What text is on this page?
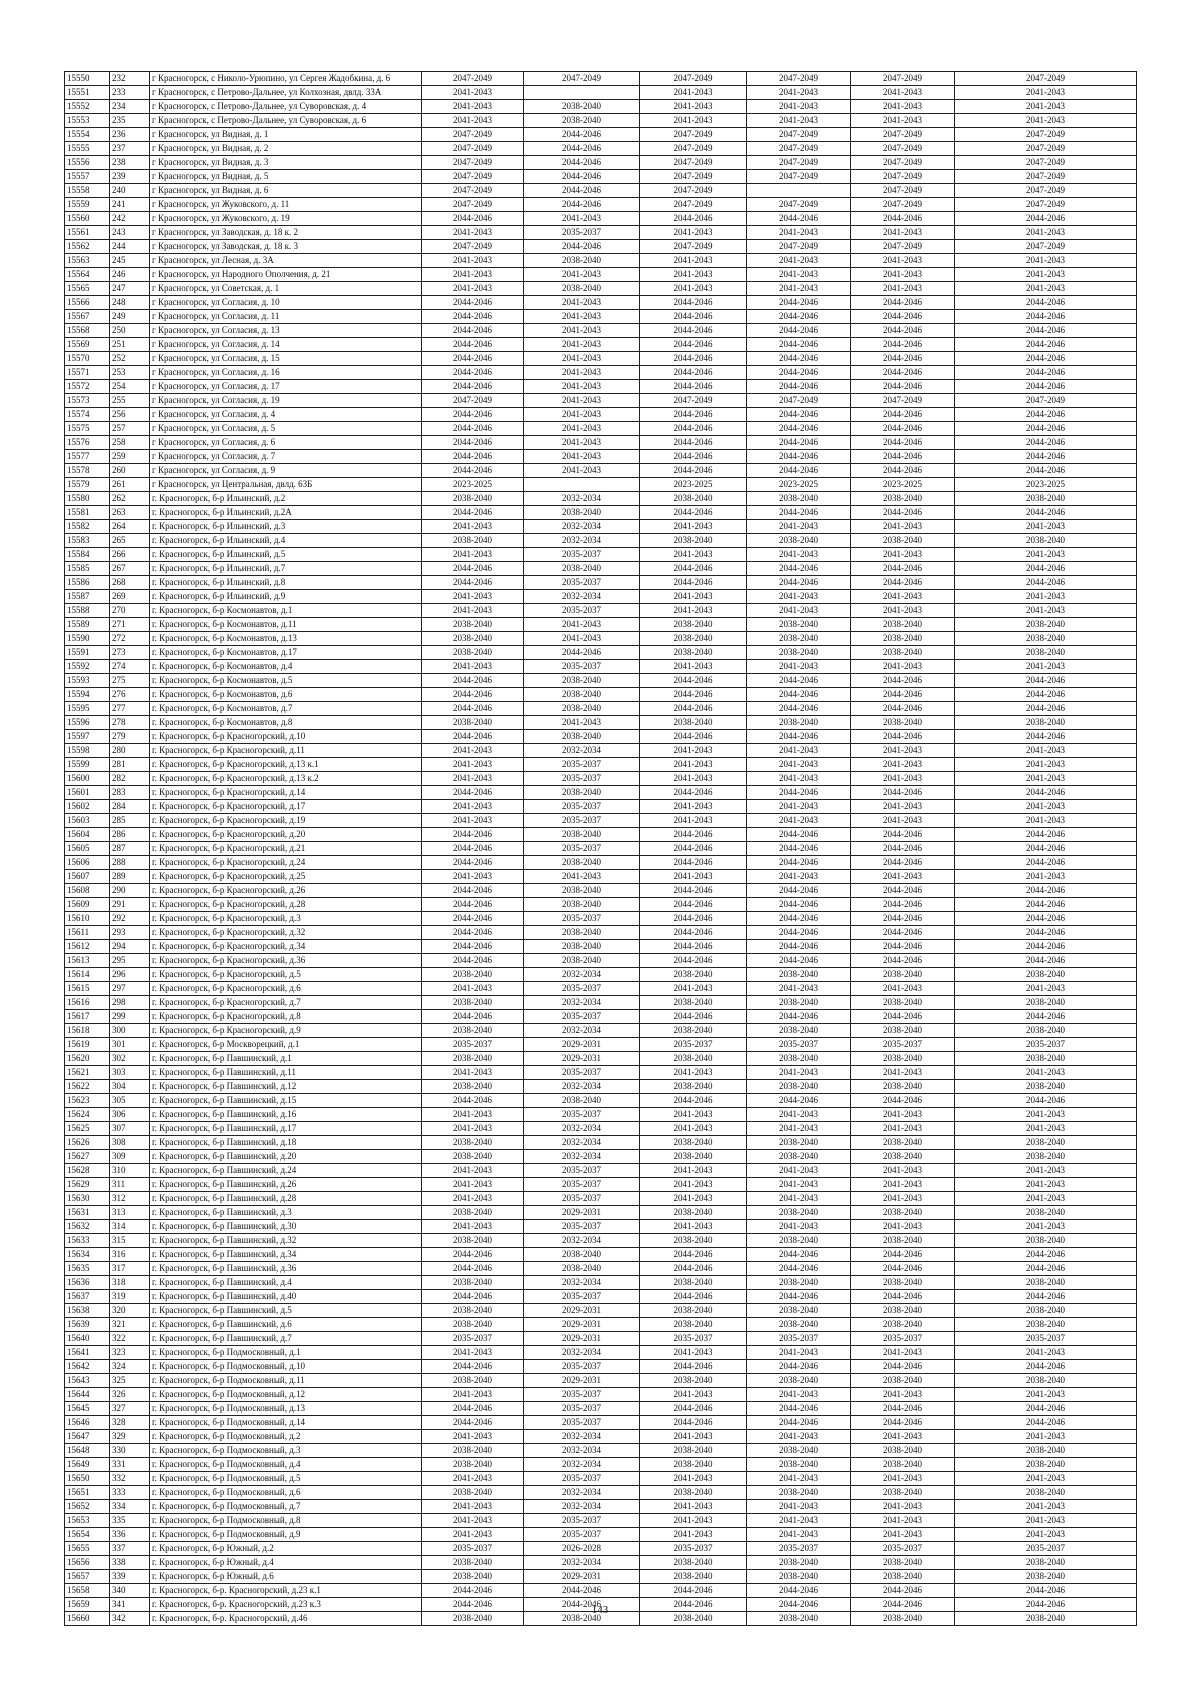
15550	232	г Красногорск, с Николо-Урюпино, ул Сергея Жадобкина, д. 6	2047-2049	2047-2049	2047-2049	2047-2049	2047-2049	2047-2049
15551	233	г Красногорск, с Петрово-Дальнее, ул Колхозная, двлд. 33А	2041-2043		2041-2043	2041-2043	2041-2043	2041-2043
15552	234	г Красногорск, с Петрово-Дальнее, ул Суворовская, д. 4	2041-2043	2038-2040	2041-2043	2041-2043	2041-2043	2041-2043
15553	235	г Красногорск, с Петрово-Дальнее, ул Суворовская, д. 6	2041-2043	2038-2040	2041-2043	2041-2043	2041-2043	2041-2043
15554	236	г Красногорск, ул Видная, д. 1	2047-2049	2044-2046	2047-2049	2047-2049	2047-2049	2047-2049
15555	237	г Красногорск, ул Видная, д. 2	2047-2049	2044-2046	2047-2049	2047-2049	2047-2049	2047-2049
15556	238	г Красногорск, ул Видная, д. 3	2047-2049	2044-2046	2047-2049	2047-2049	2047-2049	2047-2049
15557	239	г Красногорск, ул Видная, д. 5	2047-2049	2044-2046	2047-2049	2047-2049	2047-2049	2047-2049
15558	240	г Красногорск, ул Видная, д. 6	2047-2049	2044-2046	2047-2049		2047-2049	2047-2049
15559	241	г Красногорск, ул Жуковского, д. 11	2047-2049	2044-2046	2047-2049	2047-2049	2047-2049	2047-2049
15560	242	г Красногорск, ул Жуковского, д. 19	2044-2046	2041-2043	2044-2046	2044-2046	2044-2046	2044-2046
15561	243	г Красногорск, ул Заводская, д. 18 к. 2	2041-2043	2035-2037	2041-2043	2041-2043	2041-2043	2041-2043
15562	244	г Красногорск, ул Заводская, д. 18 к. 3	2047-2049	2044-2046	2047-2049	2047-2049	2047-2049	2047-2049
15563	245	г Красногорск, ул Лесная, д. 3А	2041-2043	2038-2040	2041-2043	2041-2043	2041-2043	2041-2043
15564	246	г Красногорск, ул Народного Ополчения, д. 21	2041-2043	2041-2043	2041-2043	2041-2043	2041-2043	2041-2043
15565	247	г Красногорск, ул Советская, д. 1	2041-2043	2038-2040	2041-2043	2041-2043	2041-2043	2041-2043
15566	248	г Красногорск, ул Согласия, д. 10	2044-2046	2041-2043	2044-2046	2044-2046	2044-2046	2044-2046
15567	249	г Красногорск, ул Согласия, д. 11	2044-2046	2041-2043	2044-2046	2044-2046	2044-2046	2044-2046
15568	250	г Красногорск, ул Согласия, д. 13	2044-2046	2041-2043	2044-2046	2044-2046	2044-2046	2044-2046
15569	251	г Красногорск, ул Согласия, д. 14	2044-2046	2041-2043	2044-2046	2044-2046	2044-2046	2044-2046
15570	252	г Красногорск, ул Согласия, д. 15	2044-2046	2041-2043	2044-2046	2044-2046	2044-2046	2044-2046
15571	253	г Красногорск, ул Согласия, д. 16	2044-2046	2041-2043	2044-2046	2044-2046	2044-2046	2044-2046
15572	254	г Красногорск, ул Согласия, д. 17	2044-2046	2041-2043	2044-2046	2044-2046	2044-2046	2044-2046
15573	255	г Красногорск, ул Согласия, д. 19	2047-2049	2041-2043	2047-2049	2047-2049	2047-2049	2047-2049
15574	256	г Красногорск, ул Согласия, д. 4	2044-2046	2041-2043	2044-2046	2044-2046	2044-2046	2044-2046
15575	257	г Красногорск, ул Согласия, д. 5	2044-2046	2041-2043	2044-2046	2044-2046	2044-2046	2044-2046
15576	258	г Красногорск, ул Согласия, д. 6	2044-2046	2041-2043	2044-2046	2044-2046	2044-2046	2044-2046
15577	259	г Красногорск, ул Согласия, д. 7	2044-2046	2041-2043	2044-2046	2044-2046	2044-2046	2044-2046
15578	260	г Красногорск, ул Согласия, д. 9	2044-2046	2041-2043	2044-2046	2044-2046	2044-2046	2044-2046
15579	261	г Красногорск, ул Центральная, двлд. 63Б	2023-2025		2023-2025	2023-2025	2023-2025	2023-2025
15580	262	г. Красногорск, б-р Ильинский, д.2	2038-2040	2032-2034	2038-2040	2038-2040	2038-2040	2038-2040
15581	263	г. Красногорск, б-р Ильинский, д.2А	2044-2046	2038-2040	2044-2046	2044-2046	2044-2046	2044-2046
15582	264	г. Красногорск, б-р Ильинский, д.3	2041-2043	2032-2034	2041-2043	2041-2043	2041-2043	2041-2043
15583	265	г. Красногорск, б-р Ильинский, д.4	2038-2040	2032-2034	2038-2040	2038-2040	2038-2040	2038-2040
15584	266	г. Красногорск, б-р Ильинский, д.5	2041-2043	2035-2037	2041-2043	2041-2043	2041-2043	2041-2043
15585	267	г. Красногорск, б-р Ильинский, д.7	2044-2046	2038-2040	2044-2046	2044-2046	2044-2046	2044-2046
15586	268	г. Красногорск, б-р Ильинский, д.8	2044-2046	2035-2037	2044-2046	2044-2046	2044-2046	2044-2046
15587	269	г. Красногорск, б-р Ильинский, д.9	2041-2043	2032-2034	2041-2043	2041-2043	2041-2043	2041-2043
15588	270	г. Красногорск, б-р Космонавтов, д.1	2041-2043	2035-2037	2041-2043	2041-2043	2041-2043	2041-2043
15589	271	г. Красногорск, б-р Космонавтов, д.11	2038-2040	2041-2043	2038-2040	2038-2040	2038-2040	2038-2040
15590	272	г. Красногорск, б-р Космонавтов, д.13	2038-2040	2041-2043	2038-2040	2038-2040	2038-2040	2038-2040
15591	273	г. Красногорск, б-р Космонавтов, д.17	2038-2040	2044-2046	2038-2040	2038-2040	2038-2040	2038-2040
15592	274	г. Красногорск, б-р Космонавтов, д.4	2041-2043	2035-2037	2041-2043	2041-2043	2041-2043	2041-2043
15593	275	г. Красногорск, б-р Космонавтов, д.5	2044-2046	2038-2040	2044-2046	2044-2046	2044-2046	2044-2046
15594	276	г. Красногорск, б-р Космонавтов, д.6	2044-2046	2038-2040	2044-2046	2044-2046	2044-2046	2044-2046
15595	277	г. Красногорск, б-р Космонавтов, д.7	2044-2046	2038-2040	2044-2046	2044-2046	2044-2046	2044-2046
15596	278	г. Красногорск, б-р Космонавтов, д.8	2038-2040	2041-2043	2038-2040	2038-2040	2038-2040	2038-2040
15597	279	г. Красногорск, б-р Красногорский, д.10	2044-2046	2038-2040	2044-2046	2044-2046	2044-2046	2044-2046
15598	280	г. Красногорск, б-р Красногорский, д.11	2041-2043	2032-2034	2041-2043	2041-2043	2041-2043	2041-2043
15599	281	г. Красногорск, б-р Красногорский, д.13 к.1	2041-2043	2035-2037	2041-2043	2041-2043	2041-2043	2041-2043
15600	282	г. Красногорск, б-р Красногорский, д.13 к.2	2041-2043	2035-2037	2041-2043	2041-2043	2041-2043	2041-2043
15601	283	г. Красногорск, б-р Красногорский, д.14	2044-2046	2038-2040	2044-2046	2044-2046	2044-2046	2044-2046
15602	284	г. Красногорск, б-р Красногорский, д.17	2041-2043	2035-2037	2041-2043	2041-2043	2041-2043	2041-2043
15603	285	г. Красногорск, б-р Красногорский, д.19	2041-2043	2035-2037	2041-2043	2041-2043	2041-2043	2041-2043
15604	286	г. Красногорск, б-р Красногорский, д.20	2044-2046	2038-2040	2044-2046	2044-2046	2044-2046	2044-2046
15605	287	г. Красногорск, б-р Красногорский, д.21	2044-2046	2035-2037	2044-2046	2044-2046	2044-2046	2044-2046
15606	288	г. Красногорск, б-р Красногорский, д.24	2044-2046	2038-2040	2044-2046	2044-2046	2044-2046	2044-2046
15607	289	г. Красногорск, б-р Красногорский, д.25	2041-2043	2041-2043	2041-2043	2041-2043	2041-2043	2041-2043
15608	290	г. Красногорск, б-р Красногорский, д.26	2044-2046	2038-2040	2044-2046	2044-2046	2044-2046	2044-2046
15609	291	г. Красногорск, б-р Красногорский, д.28	2044-2046	2038-2040	2044-2046	2044-2046	2044-2046	2044-2046
15610	292	г. Красногорск, б-р Красногорский, д.3	2044-2046	2035-2037	2044-2046	2044-2046	2044-2046	2044-2046
15611	293	г. Красногорск, б-р Красногорский, д.32	2044-2046	2038-2040	2044-2046	2044-2046	2044-2046	2044-2046
15612	294	г. Красногорск, б-р Красногорский, д.34	2044-2046	2038-2040	2044-2046	2044-2046	2044-2046	2044-2046
15613	295	г. Красногорск, б-р Красногорский, д.36	2044-2046	2038-2040	2044-2046	2044-2046	2044-2046	2044-2046
15614	296	г. Красногорск, б-р Красногорский, д.5	2038-2040	2032-2034	2038-2040	2038-2040	2038-2040	2038-2040
15615	297	г. Красногорск, б-р Красногорский, д.6	2041-2043	2035-2037	2041-2043	2041-2043	2041-2043	2041-2043
15616	298	г. Красногорск, б-р Красногорский, д.7	2038-2040	2032-2034	2038-2040	2038-2040	2038-2040	2038-2040
15617	299	г. Красногорск, б-р Красногорский, д.8	2044-2046	2035-2037	2044-2046	2044-2046	2044-2046	2044-2046
15618	300	г. Красногорск, б-р Красногорский, д.9	2038-2040	2032-2034	2038-2040	2038-2040	2038-2040	2038-2040
15619	301	г. Красногорск, б-р Москворецкий, д.1	2035-2037	2029-2031	2035-2037	2035-2037	2035-2037	2035-2037
15620	302	г. Красногорск, б-р Павшинский, д.1	2038-2040	2029-2031	2038-2040	2038-2040	2038-2040	2038-2040
15621	303	г. Красногорск, б-р Павшинский, д.11	2041-2043	2035-2037	2041-2043	2041-2043	2041-2043	2041-2043
15622	304	г. Красногорск, б-р Павшинский, д.12	2038-2040	2032-2034	2038-2040	2038-2040	2038-2040	2038-2040
15623	305	г. Красногорск, б-р Павшинский, д.15	2044-2046	2038-2040	2044-2046	2044-2046	2044-2046	2044-2046
15624	306	г. Красногорск, б-р Павшинский, д.16	2041-2043	2035-2037	2041-2043	2041-2043	2041-2043	2041-2043
15625	307	г. Красногорск, б-р Павшинский, д.17	2041-2043	2032-2034	2041-2043	2041-2043	2041-2043	2041-2043
15626	308	г. Красногорск, б-р Павшинский, д.18	2038-2040	2032-2034	2038-2040	2038-2040	2038-2040	2038-2040
15627	309	г. Красногорск, б-р Павшинский, д.20	2038-2040	2032-2034	2038-2040	2038-2040	2038-2040	2038-2040
15628	310	г. Красногорск, б-р Павшинский, д.24	2041-2043	2035-2037	2041-2043	2041-2043	2041-2043	2041-2043
15629	311	г. Красногорск, б-р Павшинский, д.26	2041-2043	2035-2037	2041-2043	2041-2043	2041-2043	2041-2043
15630	312	г. Красногорск, б-р Павшинский, д.28	2041-2043	2035-2037	2041-2043	2041-2043	2041-2043	2041-2043
15631	313	г. Красногорск, б-р Павшинский, д.3	2038-2040	2029-2031	2038-2040	2038-2040	2038-2040	2038-2040
15632	314	г. Красногорск, б-р Павшинский, д.30	2041-2043	2035-2037	2041-2043	2041-2043	2041-2043	2041-2043
15633	315	г. Красногорск, б-р Павшинский, д.32	2038-2040	2032-2034	2038-2040	2038-2040	2038-2040	2038-2040
15634	316	г. Красногорск, б-р Павшинский, д.34	2044-2046	2038-2040	2044-2046	2044-2046	2044-2046	2044-2046
15635	317	г. Красногорск, б-р Павшинский, д.36	2044-2046	2038-2040	2044-2046	2044-2046	2044-2046	2044-2046
15636	318	г. Красногорск, б-р Павшинский, д.4	2038-2040	2032-2034	2038-2040	2038-2040	2038-2040	2038-2040
15637	319	г. Красногорск, б-р Павшинский, д.40	2044-2046	2035-2037	2044-2046	2044-2046	2044-2046	2044-2046
15638	320	г. Красногорск, б-р Павшинский, д.5	2038-2040	2029-2031	2038-2040	2038-2040	2038-2040	2038-2040
15639	321	г. Красногорск, б-р Павшинский, д.6	2038-2040	2029-2031	2038-2040	2038-2040	2038-2040	2038-2040
15640	322	г. Красногорск, б-р Павшинский, д.7	2035-2037	2029-2031	2035-2037	2035-2037	2035-2037	2035-2037
15641	323	г. Красногорск, б-р Подмосковный, д.1	2041-2043	2032-2034	2041-2043	2041-2043	2041-2043	2041-2043
15642	324	г. Красногорск, б-р Подмосковный, д.10	2044-2046	2035-2037	2044-2046	2044-2046	2044-2046	2044-2046
15643	325	г. Красногорск, б-р Подмосковный, д.11	2038-2040	2029-2031	2038-2040	2038-2040	2038-2040	2038-2040
15644	326	г. Красногорск, б-р Подмосковный, д.12	2041-2043	2035-2037	2041-2043	2041-2043	2041-2043	2041-2043
15645	327	г. Красногорск, б-р Подмосковный, д.13	2044-2046	2035-2037	2044-2046	2044-2046	2044-2046	2044-2046
15646	328	г. Красногорск, б-р Подмосковный, д.14	2044-2046	2035-2037	2044-2046	2044-2046	2044-2046	2044-2046
15647	329	г. Красногорск, б-р Подмосковный, д.2	2041-2043	2032-2034	2041-2043	2041-2043	2041-2043	2041-2043
15648	330	г. Красногорск, б-р Подмосковный, д.3	2038-2040	2032-2034	2038-2040	2038-2040	2038-2040	2038-2040
15649	331	г. Красногорск, б-р Подмосковный, д.4	2038-2040	2032-2034	2038-2040	2038-2040	2038-2040	2038-2040
15650	332	г. Красногорск, б-р Подмосковный, д.5	2041-2043	2035-2037	2041-2043	2041-2043	2041-2043	2041-2043
15651	333	г. Красногорск, б-р Подмосковный, д.6	2038-2040	2032-2034	2038-2040	2038-2040	2038-2040	2038-2040
15652	334	г. Красногорск, б-р Подмосковный, д.7	2041-2043	2032-2034	2041-2043	2041-2043	2041-2043	2041-2043
15653	335	г. Красногорск, б-р Подмосковный, д.8	2041-2043	2035-2037	2041-2043	2041-2043	2041-2043	2041-2043
15654	336	г. Красногорск, б-р Подмосковный, д.9	2041-2043	2035-2037	2041-2043	2041-2043	2041-2043	2041-2043
15655	337	г. Красногорск, б-р Южный, д.2	2035-2037	2026-2028	2035-2037	2035-2037	2035-2037	2035-2037
15656	338	г. Красногорск, б-р Южный, д.4	2038-2040	2032-2034	2038-2040	2038-2040	2038-2040	2038-2040
15657	339	г. Красногорск, б-р Южный, д.6	2038-2040	2029-2031	2038-2040	2038-2040	2038-2040	2038-2040
15658	340	г. Красногорск, б-р. Красногорский, д.23 к.1	2044-2046	2044-2046	2044-2046	2044-2046	2044-2046	2044-2046
15659	341	г. Красногорск, б-р. Красногорский, д.23 к.3	2044-2046	2044-2046	2044-2046	2044-2046	2044-2046	2044-2046
15660	342	г. Красногорск, б-р. Красногорский, д.46	2038-2040	2038-2040	2038-2040	2038-2040	2038-2040	2038-2040
143
